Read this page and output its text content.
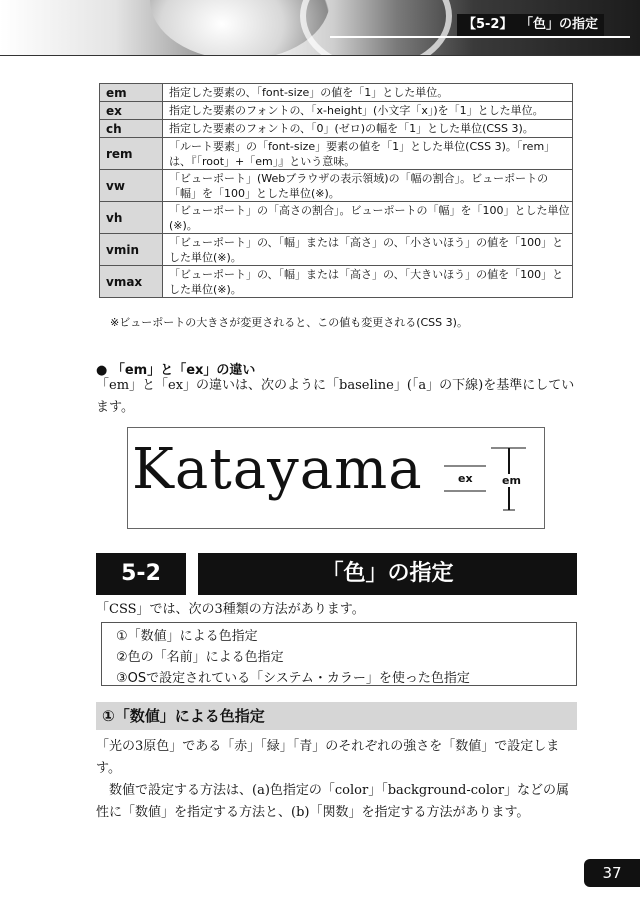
【5-2】 「色」の指定
em	指定した要素の、「font-size」の値を「1」とした単位。
ex	指定した要素のフォントの、「x-height」(小文字「x」)を「1」とした単位。
ch	指定した要素のフォントの、「0」(ゼロ)の幅を「1」とした単位(CSS 3)。
rem	「ルート要素」の「font-size」要素の値を「1」とした単位(CSS 3)。「rem」は、『「root」+「em」』という意味。
vw	「ビューポート」(Webブラウザの表示領域)の「幅の割合」。ビューポートの「幅」を「100」とした単位(※)。
vh	「ビューポート」の「高さの割合」。ビューポートの「幅」を「100」とした単位(※)。
vmin	「ビューポート」の、「幅」または「高さ」の、「小さいほう」の値を「100」とした単位(※)。
vmax	「ビューポート」の、「幅」または「高さ」の、「大きいほう」の値を「100」とした単位(※)。
※ビューポートの大きさが変更されると、この値も変更される(CSS 3)。
● 「em」と「ex」の違い
「em」と「ex」の違いは、次のように「baseline」(「a」の下線)を基準にしています。
Katayama	ex	em
5-2	「色」の指定
「CSS」では、次の3種類の方法があります。
①「数値」による色指定
②色の「名前」による色指定
③OSで設定されている「システム・カラー」を使った色指定
①「数値」による色指定
「光の3原色」である「赤」「緑」「青」のそれぞれの強さを「数値」で設定します。
数値で設定する方法は、(a)色指定の「color」「background-color」などの属性に「数値」を指定する方法と、(b)「関数」を指定する方法があります。
37
